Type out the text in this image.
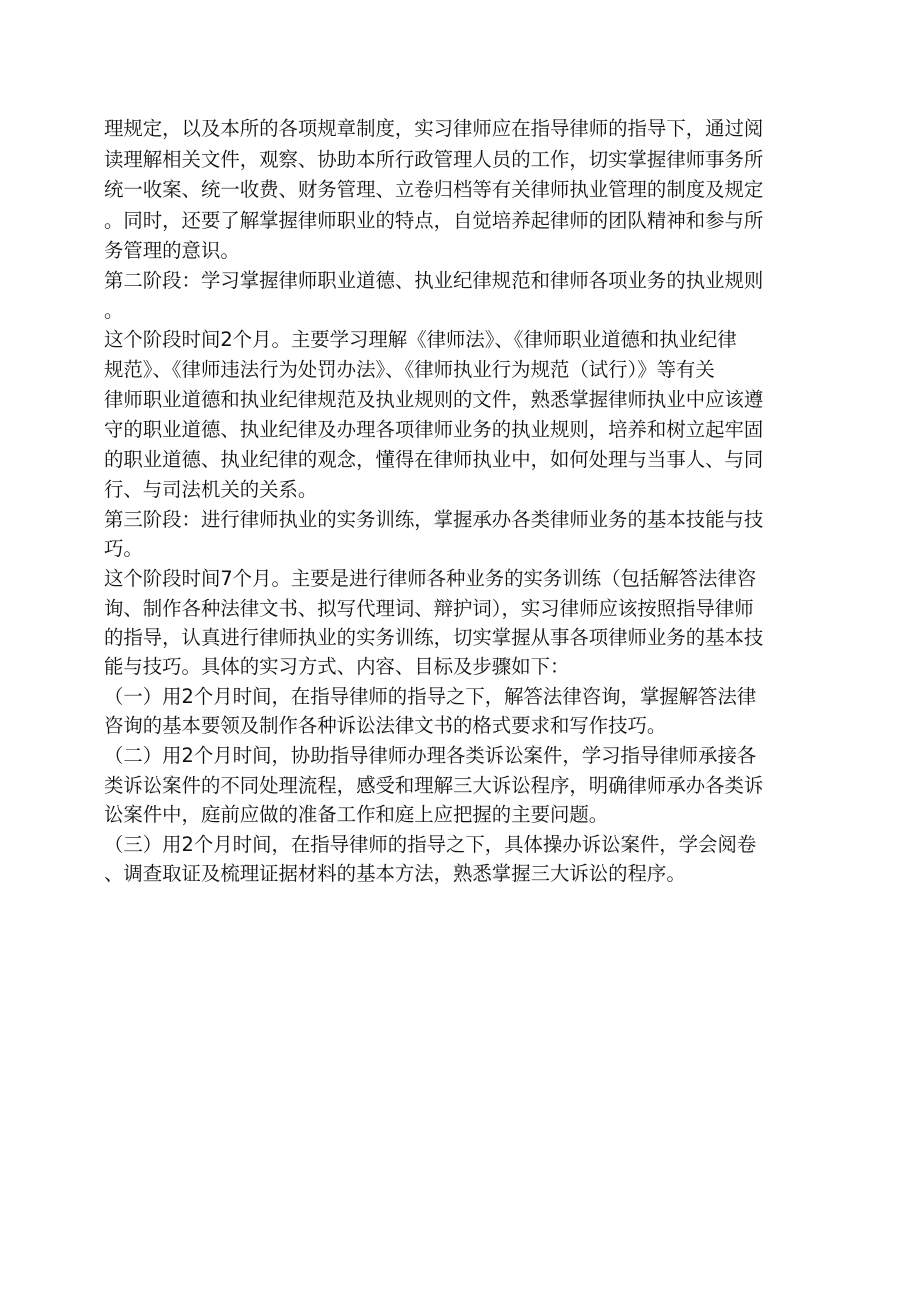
理规定，以及本所的各项规章制度，实习律师应在指导律师的指导下，通过阅
读理解相关文件，观察、协助本所行政管理人员的工作，切实掌握律师事务所
统一收案、统一收费、财务管理、立卷归档等有关律师执业管理的制度及规定
。同时，还要了解掌握律师职业的特点，自觉培养起律师的团队精神和参与所
务管理的意识。
第二阶段：学习掌握律师职业道德、执业纪律规范和律师各项业务的执业规则
。
这个阶段时间2个月。主要学习理解《律师法》、《律师职业道德和执业纪律
规范》、《律师违法行为处罚办法》、《律师执业行为规范（试行）》等有关
律师职业道德和执业纪律规范及执业规则的文件，熟悉掌握律师执业中应该遵
守的职业道德、执业纪律及办理各项律师业务的执业规则，培养和树立起牢固
的职业道德、执业纪律的观念，懂得在律师执业中，如何处理与当事人、与同
行、与司法机关的关系。
第三阶段：进行律师执业的实务训练，掌握承办各类律师业务的基本技能与技
巧。
这个阶段时间7个月。主要是进行律师各种业务的实务训练（包括解答法律咨
询、制作各种法律文书、拟写代理词、辩护词），实习律师应该按照指导律师
的指导，认真进行律师执业的实务训练，切实掌握从事各项律师业务的基本技
能与技巧。具体的实习方式、内容、目标及步骤如下：
（一）用2个月时间，在指导律师的指导之下，解答法律咨询，掌握解答法律
咨询的基本要领及制作各种诉讼法律文书的格式要求和写作技巧。
（二）用2个月时间，协助指导律师办理各类诉讼案件，学习指导律师承接各
类诉讼案件的不同处理流程，感受和理解三大诉讼程序，明确律师承办各类诉
讼案件中，庭前应做的准备工作和庭上应把握的主要问题。
（三）用2个月时间，在指导律师的指导之下，具体操办诉讼案件，学会阅卷
、调查取证及梳理证据材料的基本方法，熟悉掌握三大诉讼的程序。
